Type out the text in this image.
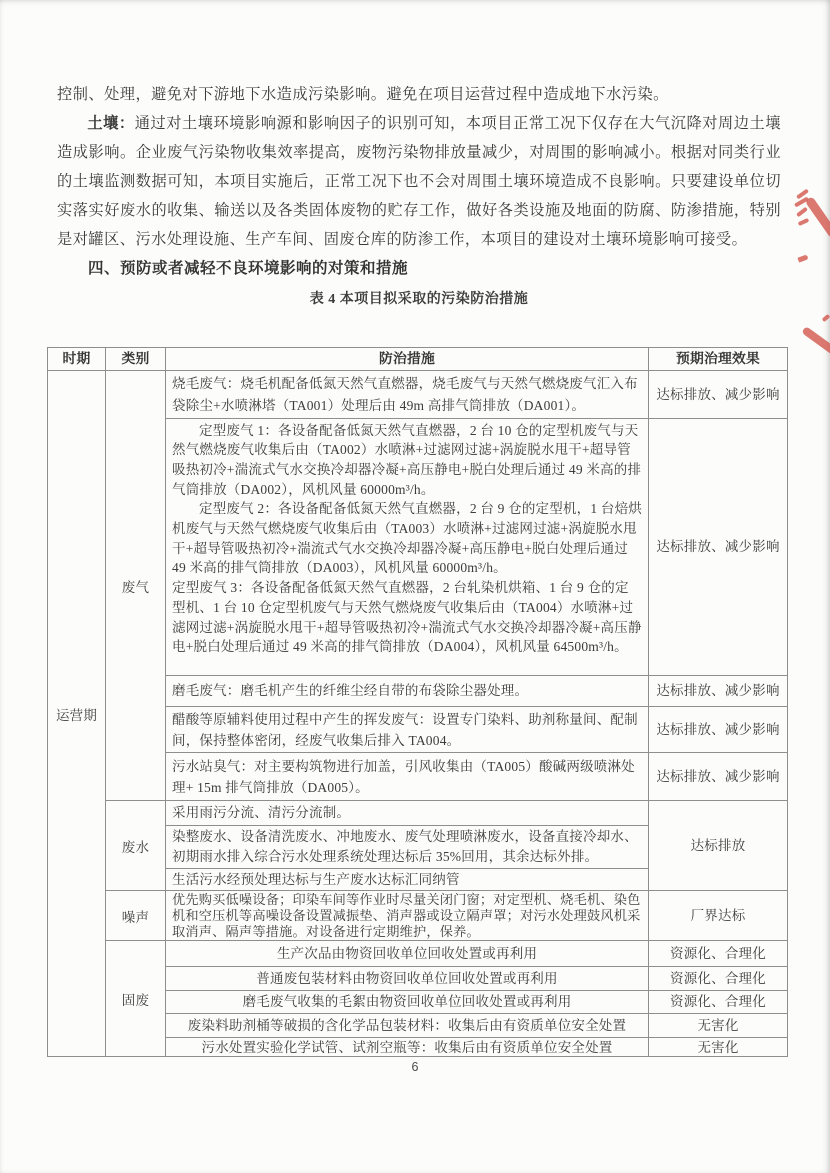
控制、处理，避免对下游地下水造成污染影响。避免在项目运营过程中造成地下水污染。

土壤：通过对土壤环境影响源和影响因子的识别可知，本项目正常工况下仅存在大气沉降对周边土壤造成影响。企业废气污染物收集效率提高，废物污染物排放量减少，对周围的影响减小。根据对同类行业的土壤监测数据可知，本项目实施后，正常工况下也不会对周围土壤环境造成不良影响。只要建设单位切实落实好废水的收集、输送以及各类固体废物的贮存工作，做好各类设施及地面的防腐、防渗措施，特别是对罐区、污水处理设施、生产车间、固废仓库的防渗工作，本项目的建设对土壤环境影响可接受。

四、预防或者减轻不良环境影响的对策和措施

表 4 本项目拟采取的污染防治措施
时期	类别	防治措施	预期治理效果
运营期	废气	烧毛废气：烧毛机配备低氮天然气直燃器，烧毛废气与天然气燃烧废气汇入布袋除尘+水喷淋塔（TA001）处理后由 49m 高排气筒排放（DA001）。	达标排放、减少影响

		定型废气 1：各设备配备低氮天然气直燃器，2 台 10 仓的定型机废气与天然气燃烧废气收集后由（TA002）水喷淋+过滤网过滤+涡旋脱水甩干+超导管吸热初冷+湍流式气水交换冷却器冷凝+高压静电+脱白处理后通过 49 米高的排气筒排放（DA002），风机风量 60000m³/h。

定型废气 2：各设备配备低氮天然气直燃器，2 台 9 仓的定型机，1 台焙烘机废气与天然气燃烧废气收集后由（TA003）水喷淋+过滤网过滤+涡旋脱水甩干+超导管吸热初冷+湍流式气水交换冷却器冷凝+高压静电+脱白处理后通过 49 米高的排气筒排放（DA003），风机风量 60000m³/h。

定型废气 3：各设备配备低氮天然气直燃器，2 台轧染机烘箱、1 台 9 仓的定型机、1 台 10 仓定型机废气与天然气燃烧废气收集后由（TA004）水喷淋+过滤网过滤+涡旋脱水甩干+超导管吸热初冷+湍流式气水交换冷却器冷凝+高压静电+脱白处理后通过 49 米高的排气筒排放（DA004），风机风量 64500m³/h。	达标排放、减少影响
		磨毛废气：磨毛机产生的纤维尘经自带的布袋除尘器处理。	达标排放、减少影响

		醋酸等原辅料使用过程中产生的挥发废气：设置专门染料、助剂称量间、配制间，保持整体密闭，经废气收集后排入 TA004。	达标排放、减少影响

		污水站臭气：对主要构筑物进行加盖，引风收集由（TA005）酸碱两级喷淋处理+ 15m 排气筒排放（DA005）。	达标排放、减少影响
	废水	采用雨污分流、清污分流制。	达标排放

		染整废水、设备清洗废水、冲地废水、废气处理喷淋废水，设备直接冷却水、初期雨水排入综合污水处理系统处理达标后 35%回用，其余达标外排。	

		生活污水经预处理达标与生产废水达标汇同纳管	
	噪声	优先购买低噪设备；印染车间等作业时尽量关闭门窗；对定型机、烧毛机、染色机和空压机等高噪设备设置减振垫、消声器或设立隔声罩；对污水处理鼓风机采取消声、隔声等措施。对设备进行定期维护，保养。	厂界达标
	固废	生产次品由物资回收单位回收处置或再利用	资源化、合理化
		普通废包装材料由物资回收单位回收处置或再利用	资源化、合理化
		磨毛废气收集的毛絮由物资回收单位回收处置或再利用	资源化、合理化
		废染料助剂桶等破损的含化学品包装材料：收集后由有资质单位安全处置	无害化
		污水处置实验化学试管、试剂空瓶等：收集后由有资质单位安全处置	无害化
6
